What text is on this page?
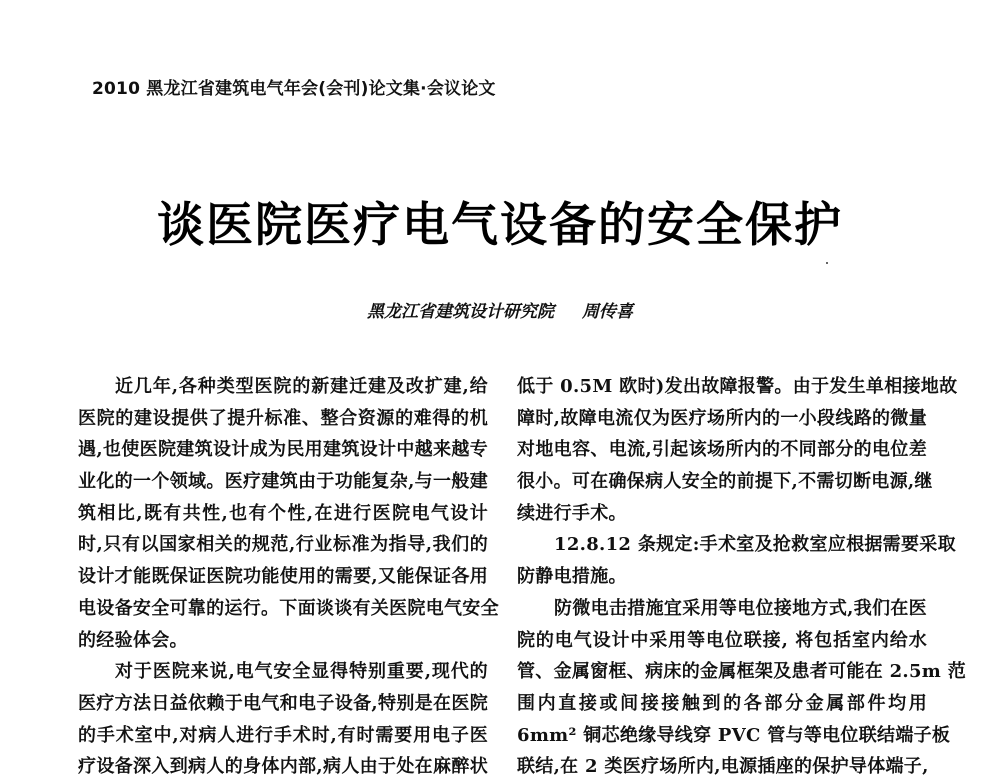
2010 黑龙江省建筑电气年会(会刊)论文集·会议论文
谈医院医疗电气设备的安全保护
黑龙江省建筑设计研究院 周传喜
近几年,各种类型医院的新建迁建及改扩建,给
医院的建设提供了提升标准、整合资源的难得的机
遇,也使医院建筑设计成为民用建筑设计中越来越专
业化的一个领域。医疗建筑由于功能复杂,与一般建
筑相比,既有共性,也有个性,在进行医院电气设计
时,只有以国家相关的规范,行业标准为指导,我们的
设计才能既保证医院功能使用的需要,又能保证各用
电设备安全可靠的运行。下面谈谈有关医院电气安全
的经验体会。
对于医院来说,电气安全显得特别重要,现代的
医疗方法日益依赖于电气和电子设备,特别是在医院
的手术室中,对病人进行手术时,有时需要用电子医
疗设备深入到病人的身体内部,病人由于处在麻醉状
低于 0.5M 欧时)发出故障报警。由于发生单相接地故
障时,故障电流仅为医疗场所内的一小段线路的微量
对地电容、电流,引起该场所内的不同部分的电位差
很小。可在确保病人安全的前提下,不需切断电源,继
续进行手术。
12.8.12 条规定:手术室及抢救室应根据需要采取
防静电措施。
防微电击措施宜采用等电位接地方式,我们在医
院的电气设计中采用等电位联接, 将包括室内给水
管、金属窗框、病床的金属框架及患者可能在 2.5m 范
围内直接或间接接触到的各部分金属部件均用
6mm² 铜芯绝缘导线穿 PVC 管与等电位联结端子板
联结,在 2 类医疗场所内,电源插座的保护导体端子,
